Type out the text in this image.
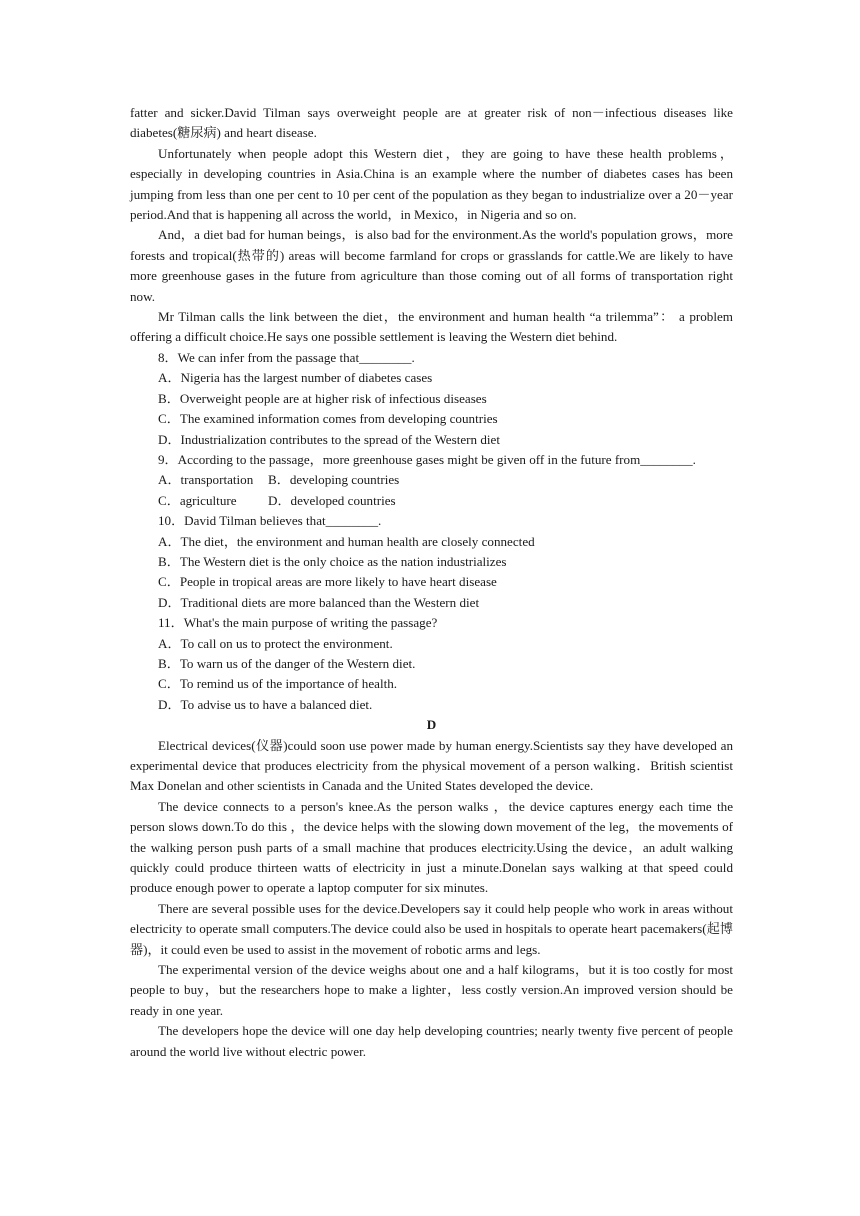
fatter and sicker.David Tilman says overweight people are at greater risk of non－infectious diseases like diabetes(糖尿病) and heart disease.

Unfortunately when people adopt this Western diet，they are going to have these health problems，especially in developing countries in Asia.China is an example where the number of diabetes cases has been jumping from less than one per cent to 10 per cent of the population as they began to industrialize over a 20－year period.And that is happening all across the world，in Mexico，in Nigeria and so on.

And，a diet bad for human beings，is also bad for the environment.As the world's population grows，more forests and tropical(热带的) areas will become farmland for crops or grasslands for cattle.We are likely to have more greenhouse gases in the future from agriculture than those coming out of all forms of transportation right now.

Mr Tilman calls the link between the diet，the environment and human health “a trilemma”： a problem offering a difficult choice.He says one possible settlement is leaving the Western diet behind.

8．We can infer from the passage that________.

A．Nigeria has the largest number of diabetes cases

B．Overweight people are at higher risk of infectious diseases

C．The examined information comes from developing countries

D．Industrialization contributes to the spread of the Western diet

9．According to the passage，more greenhouse gases might be given off in the future from________.

A．transportation B．developing countries

C．agriculture D．developed countries

10．David Tilman believes that________.

A．The diet，the environment and human health are closely connected

B．The Western diet is the only choice as the nation industrializes

C．People in tropical areas are more likely to have heart disease

D．Traditional diets are more balanced than the Western diet

11．What's the main purpose of writing the passage?

A．To call on us to protect the environment.

B．To warn us of the danger of the Western diet.

C．To remind us of the importance of health.

D．To advise us to have a balanced diet.

D

Electrical devices(仪器)could soon use power made by human energy.Scientists say they have developed an experimental device that produces electricity from the physical movement of a person walking．British scientist Max Donelan and other scientists in Canada and the United States developed the device.

The device connects to a person's knee.As the person walks ，the device captures energy each time the person slows down.To do this ，the device helps with the slowing down movement of the leg，the movements of the walking person push parts of a small machine that produces electricity.Using the device，an adult walking quickly could produce thirteen watts of electricity in just a minute.Donelan says walking at that speed could produce enough power to operate a laptop computer for six minutes.

There are several possible uses for the device.Developers say it could help people who work in areas without electricity to operate small computers.The device could also be used in hospitals to operate heart pacemakers(起博器)，it could even be used to assist in the movement of robotic arms and legs.

The experimental version of the device weighs about one and a half kilograms，but it is too costly for most people to buy，but the researchers hope to make a lighter，less costly version.An improved version should be ready in one year.

The developers hope the device will one day help developing countries; nearly twenty five percent of people around the world live without electric power.
